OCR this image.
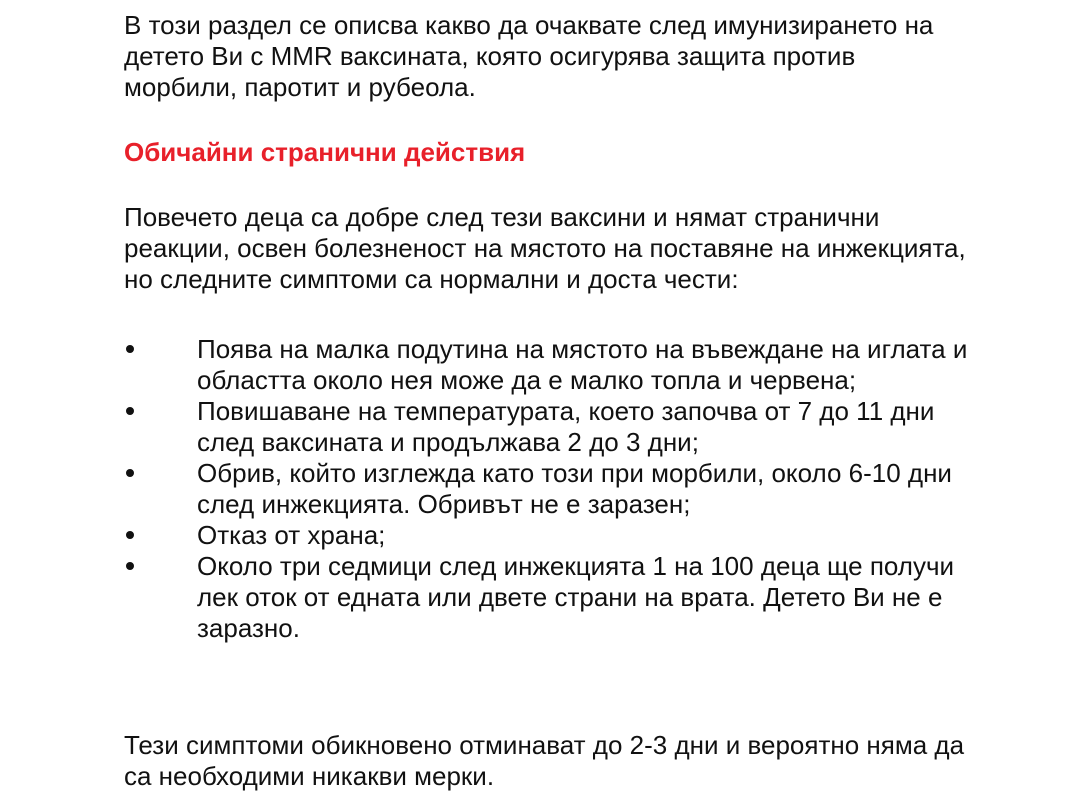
В този раздел се описва какво да очаквате след имунизирането на детето Ви с MMR ваксината, която осигурява защита против морбили, паротит и рубеола.

Обичайни странични действия

Повечето деца са добре след тези ваксини и нямат странични реакции, освен болезненост на мястото на поставяне на инжекцията, но следните симптоми са нормални и доста чести:

Поява на малка подутина на мястото на въвеждане на иглата и областта около нея може да е малко топла и червена;
Повишаване на температурата, което започва от 7 до 11 дни след ваксината и продължава 2 до 3 дни;
Обрив, който изглежда като този при морбили, около 6-10 дни след инжекцията. Обривът не е заразен;
Отказ от храна;
Около три седмици след инжекцията 1 на 100 деца ще получи лек оток от едната или двете страни на врата. Детето Ви не е заразно.

Тези симптоми обикновено отминават до 2-3 дни и вероятно няма да са необходими никакви мерки.
